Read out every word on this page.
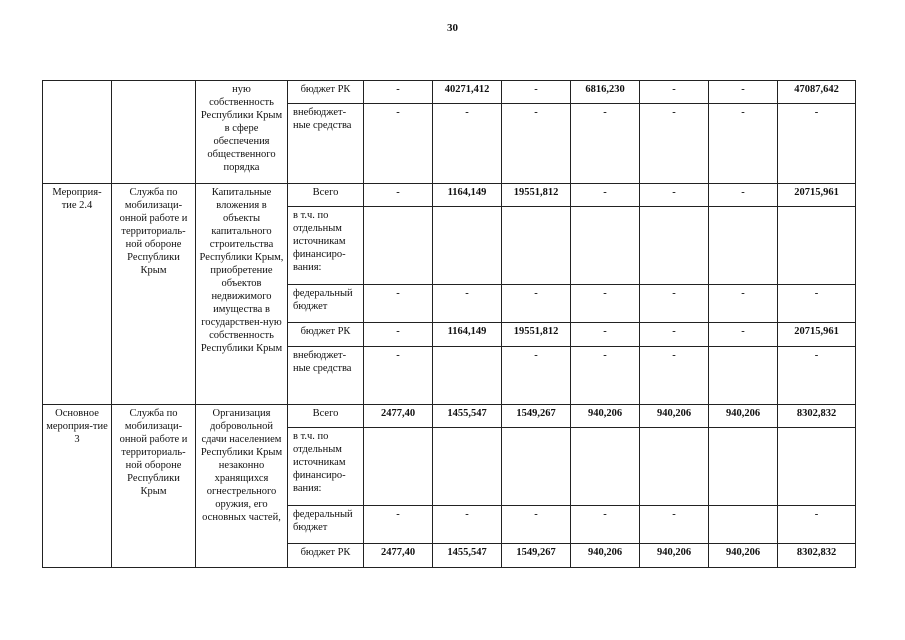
30
		ную собственность Республики Крым в сфере обеспечения общественного порядка	бюджет РК	-	40271,412	-	6816,230	-	-	47087,642
			внебюджет-ные средства	-	-	-	-	-	-	-
Мероприя-тие 2.4	Служба по мобилизаци-онной работе и территориаль-ной обороне Республики Крым	Капитальные вложения в объекты капитального строительства Республики Крым, приобретение объектов недвижимого имущества в государствен-ную собственность Республики Крым	Всего	-	1164,149	19551,812	-	-	-	20715,961
			в т.ч. по отдельным источникам финансиро-вания:							
			федеральный бюджет	-	-	-	-	-	-	-
			бюджет РК	-	1164,149	19551,812	-	-	-	20715,961
			внебюджет-ные средства	-		-	-	-		-
Основное мероприя-тие 3	Служба по мобилизаци-онной работе и территориаль-ной обороне Республики Крым	Организация добровольной сдачи населением Республики Крым незаконно хранящихся огнестрельного оружия, его основных частей,	Всего	2477,40	1455,547	1549,267	940,206	940,206	940,206	8302,832
			в т.ч. по отдельным источникам финансиро-вания:							
			федеральный бюджет	-	-	-	-	-		-
			бюджет РК	2477,40	1455,547	1549,267	940,206	940,206	940,206	8302,832
